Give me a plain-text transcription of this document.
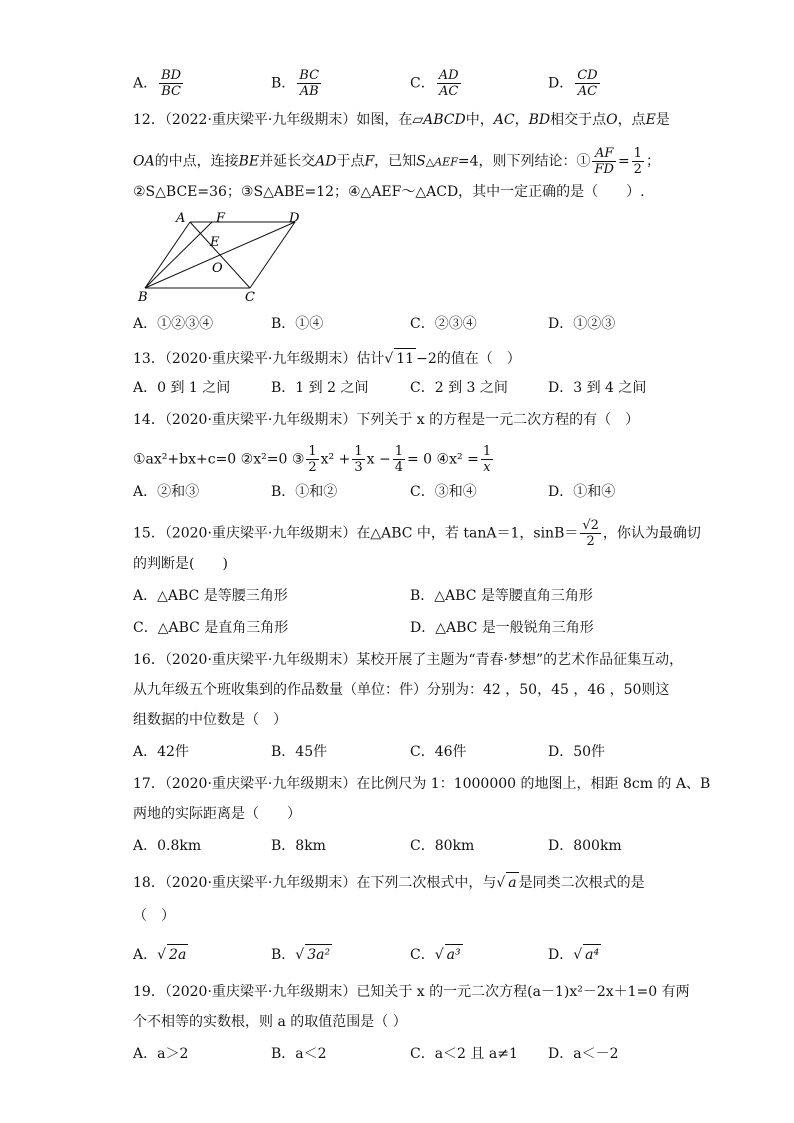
A． $\frac{BD}{BC}$	B． $\frac{BC}{AB}$	C． $\frac{AD}{AC}$	D． $\frac{CD}{AC}$
12．（2022·重庆梁平·九年级期末）如图，在▱ABCD中，AC，BD相交于点O，点E是
OA的中点，连接BE并延长交AD于点F，已知S△AEF=4，则下列结论：① $\frac{AF}{FD} = \frac{1}{2}$ ；
②S△BCE=36；③S△ABE=12；④△AEF～△ACD，其中一定正确的是（　　）.
A F	D
E
O
B	C
A．①②③④	B．①④	C．②③④	D．①②③
13．（2020·重庆梁平·九年级期末）估计√ 11 −2的值在（　）
A．0 到 1 之间	B．1 到 2 之间	C．2 到 3 之间	D．3 到 4 之间
14．（2020·重庆梁平·九年级期末）下列关于 x 的方程是一元二次方程的有（　）
①ax²+bx+c=0 ②x²=0 ③ $\frac{1}{2} x^2 + \frac{1}{3}$ $x - \frac{1}{4} = 0$ ④x² = $\frac{1}{x}$
A．②和③	B．①和②	C．③和④	D．①和④
15．（2020·重庆梁平·九年级期末）在△ABC 中，若 tanA＝1，$\sin B= \frac{√2}{2}$ ，你认为最确切
的判断是(　　)
A．△ABC 是等腰三角形	B．△ABC 是等腰直角三角形
C．△ABC 是直角三角形	D．△ABC 是一般锐角三角形
16．（2020·重庆梁平·九年级期末）某校开展了主题为“青春·梦想”的艺术作品征集互动，
从九年级五个班收集到的作品数量（单位：件）分别为：42 ，50，45 ，46 ，50则这
组数据的中位数是（　）
A．42件	B．45件	C．46件	D．50件
17．（2020·重庆梁平·九年级期末）在比例尺为 1：1000000 的地图上，相距 8cm 的 A、B
两地的实际距离是（　　）
A．0.8km	B．8km	C．80km	D．800km
18．（2020·重庆梁平·九年级期末）在下列二次根式中，与√ a 是同类二次根式的是
（　）
A．√ 2a	B．√ 3a²	C．√ a³	D．√ a⁴
19．（2020·重庆梁平·九年级期末）已知关于 x 的一元二次方程(a－1)x²－2x＋1=0 有两
个不相等的实数根，则 a 的取值范围是（ ）
A．a＞2	B．a＜2	C．a＜2 且 a≠1 D．a＜－2
